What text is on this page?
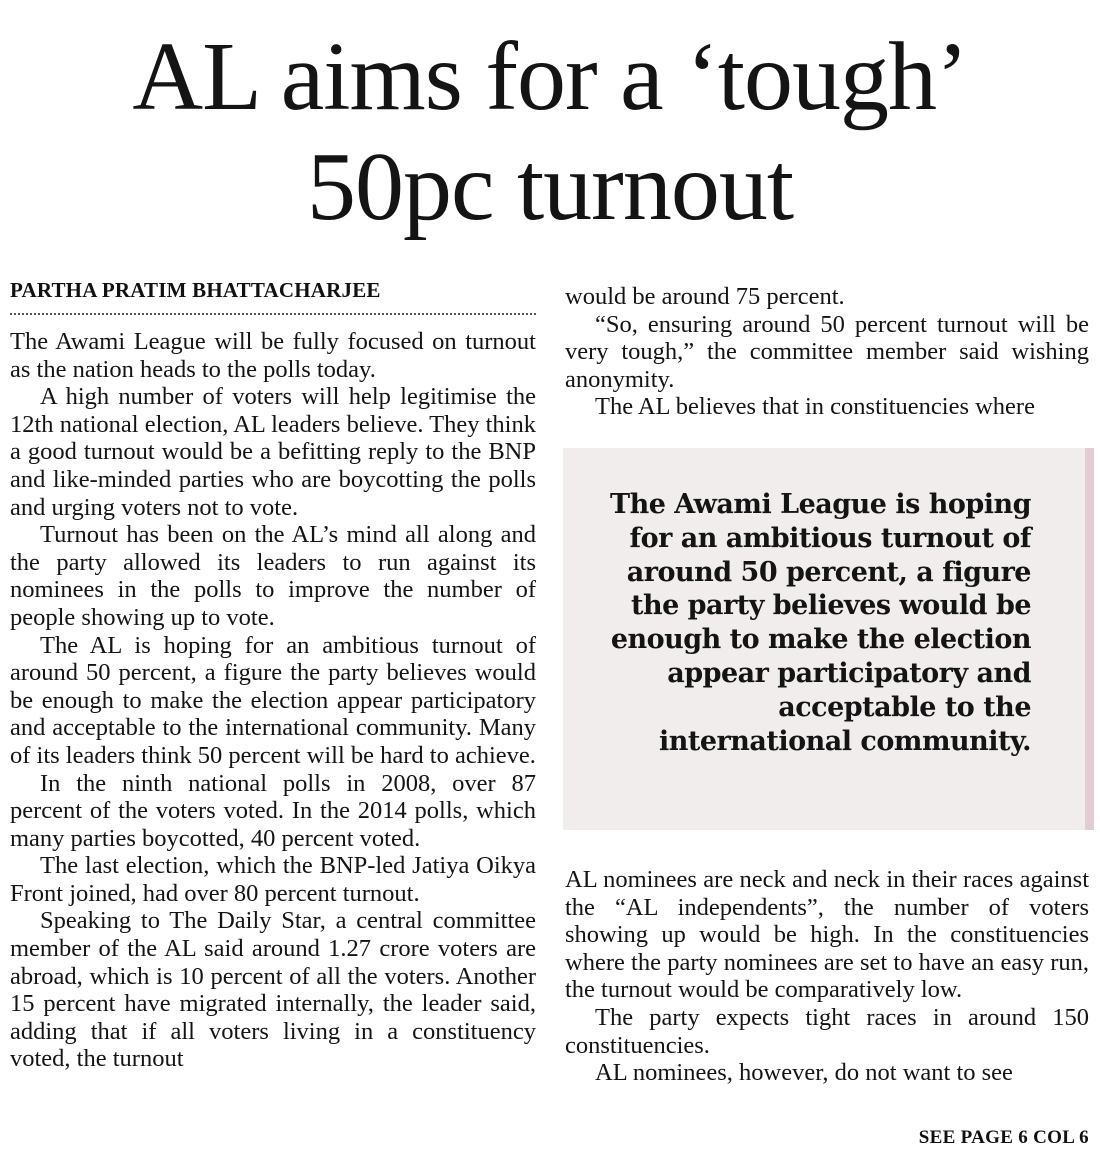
AL aims for a ‘tough’
50pc turnout
PARTHA PRATIM BHATTACHARJEE

The Awami League will be fully focused on turnout as the nation heads to the polls today.

A high number of voters will help legitimise the 12th national election, AL leaders believe. They think a good turnout would be a befitting reply to the BNP and like-minded parties who are boycotting the polls and urging voters not to vote.

Turnout has been on the AL’s mind all along and the party allowed its leaders to run against its nominees in the polls to improve the number of people showing up to vote.

The AL is hoping for an ambitious turnout of around 50 percent, a figure the party believes would be enough to make the election appear participatory and acceptable to the international community. Many of its leaders think 50 percent will be hard to achieve.

In the ninth national polls in 2008, over 87 percent of the voters voted. In the 2014 polls, which many parties boycotted, 40 percent voted.

The last election, which the BNP-led Jatiya Oikya Front joined, had over 80 percent turnout.

Speaking to The Daily Star, a central committee member of the AL said around 1.27 crore voters are abroad, which is 10 percent of all the voters. Another 15 percent have migrated internally, the leader said, adding that if all voters living in a constituency voted, the turnout

would be around 75 percent.

“So, ensuring around 50 percent turnout will be very tough,” the committee member said wishing anonymity.

The AL believes that in constituencies where

The Awami League is hoping for an ambitious turnout of around 50 percent, a figure the party believes would be enough to make the election appear participatory and acceptable to the international community.

AL nominees are neck and neck in their races against the “AL independents”, the number of voters showing up would be high. In the constituencies where the party nominees are set to have an easy run, the turnout would be comparatively low.

The party expects tight races in around 150 constituencies.

AL nominees, however, do not want to see

SEE PAGE 6 COL 6
